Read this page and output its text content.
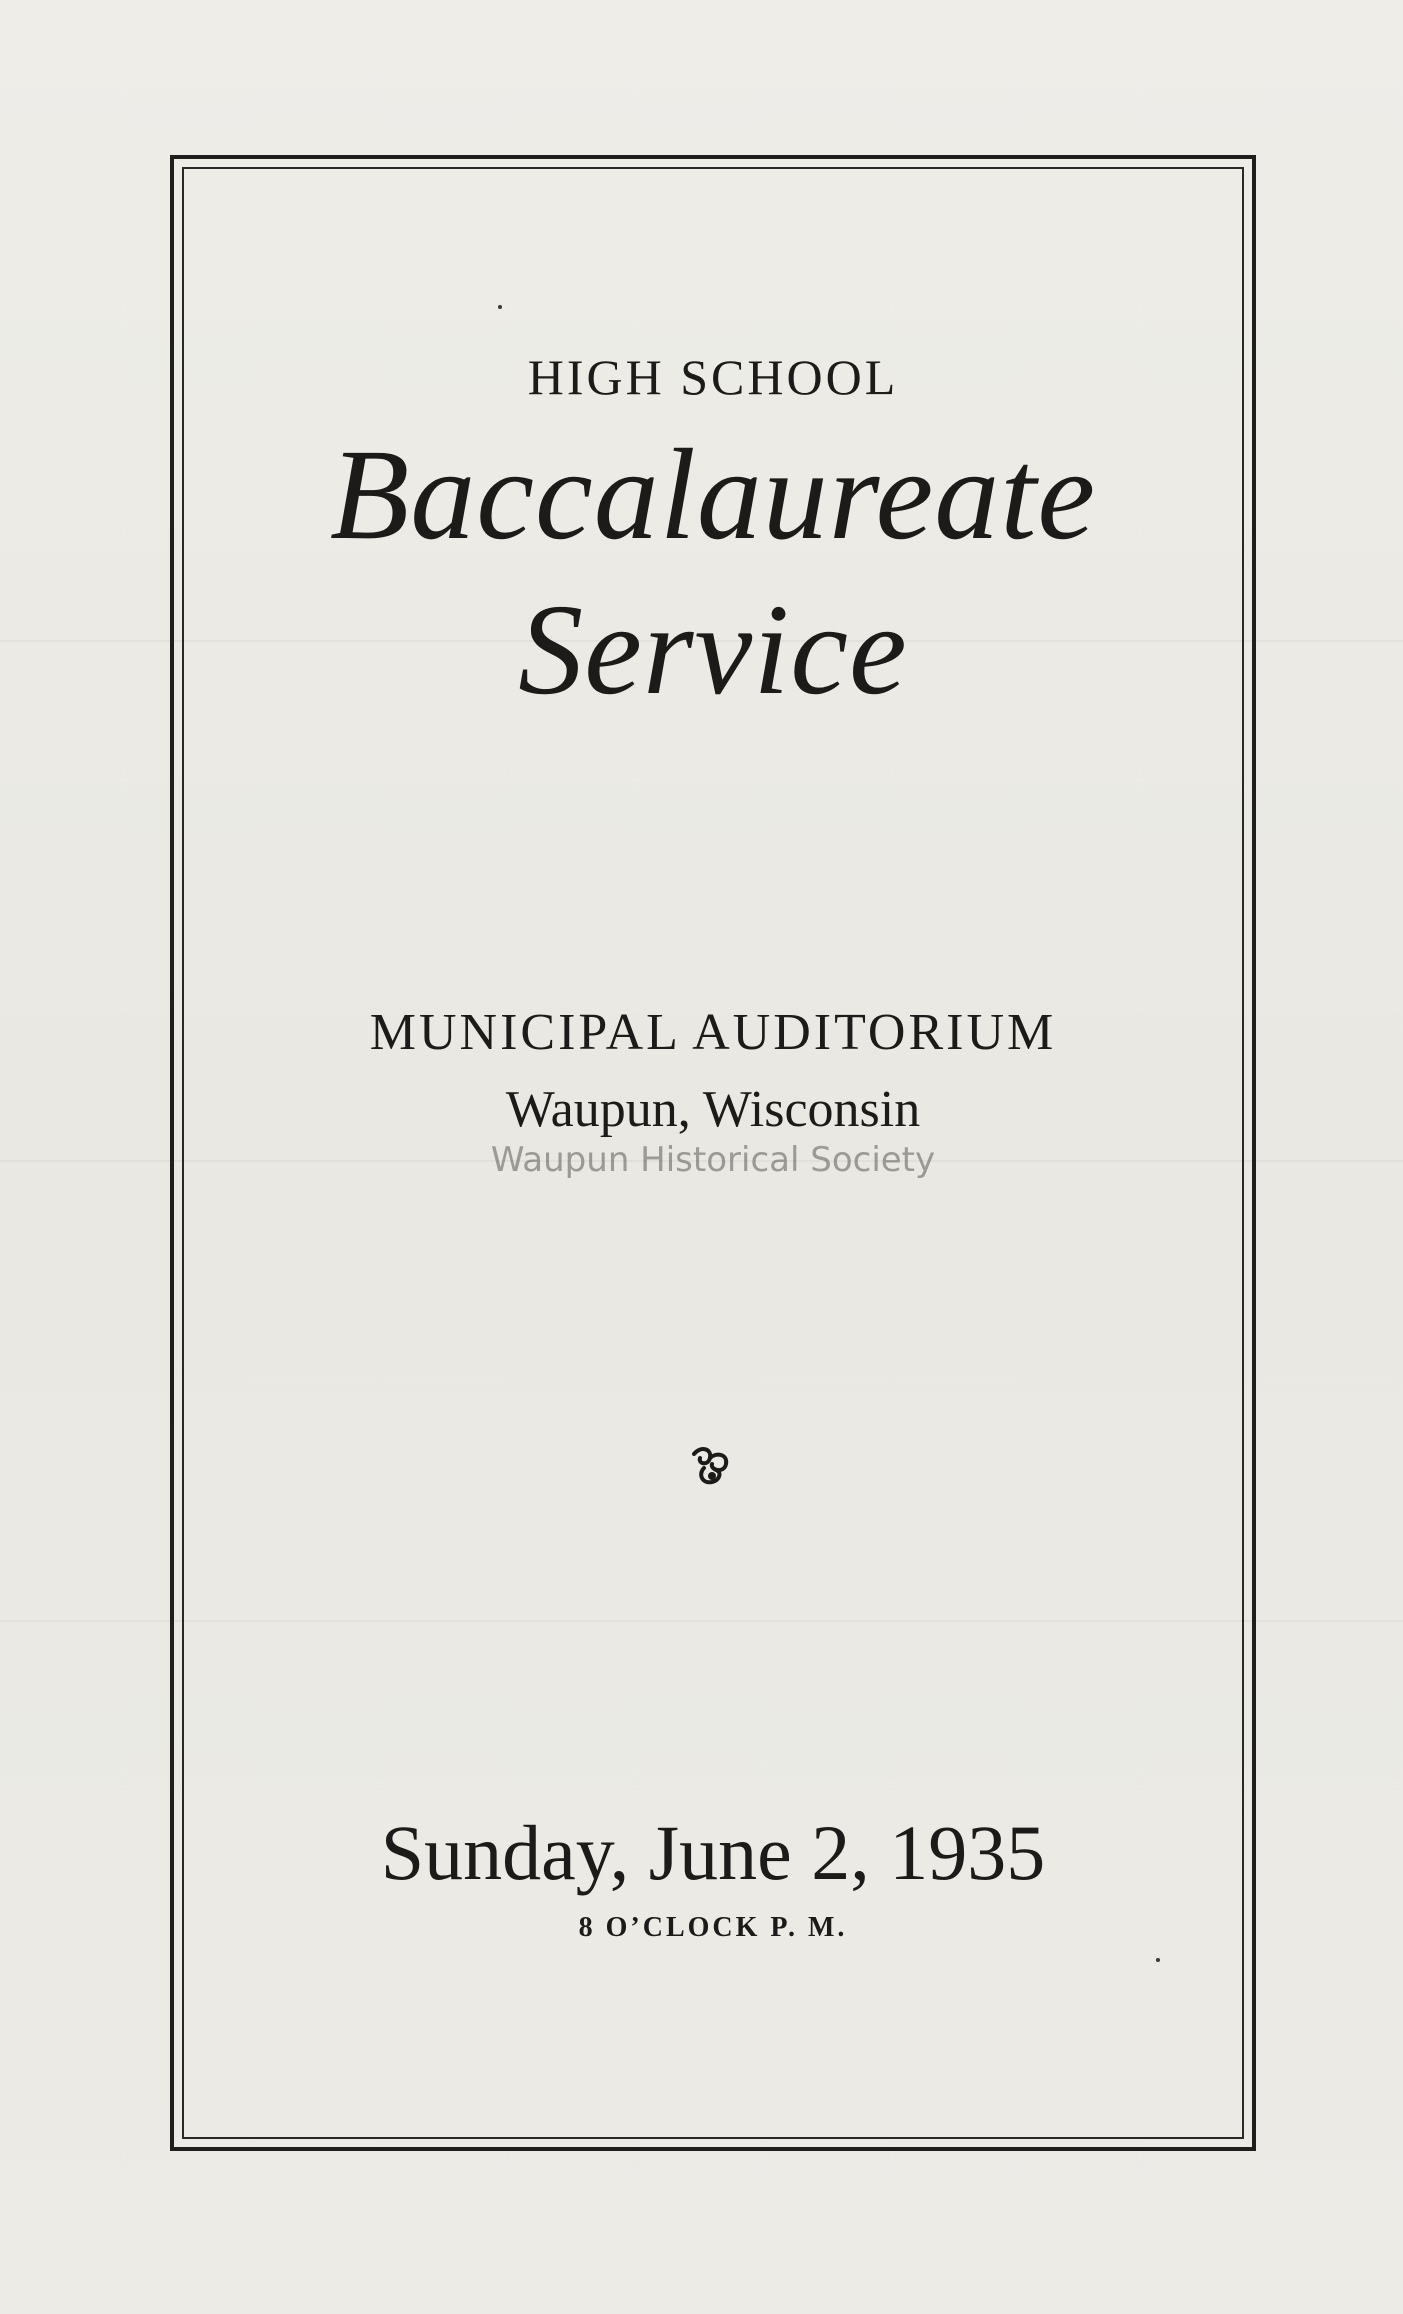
HIGH SCHOOL
Baccalaureate
Service
MUNICIPAL AUDITORIUM
Waupun, Wisconsin
Waupun Historical Society
Sunday, June 2, 1935
8 O’CLOCK P. M.
